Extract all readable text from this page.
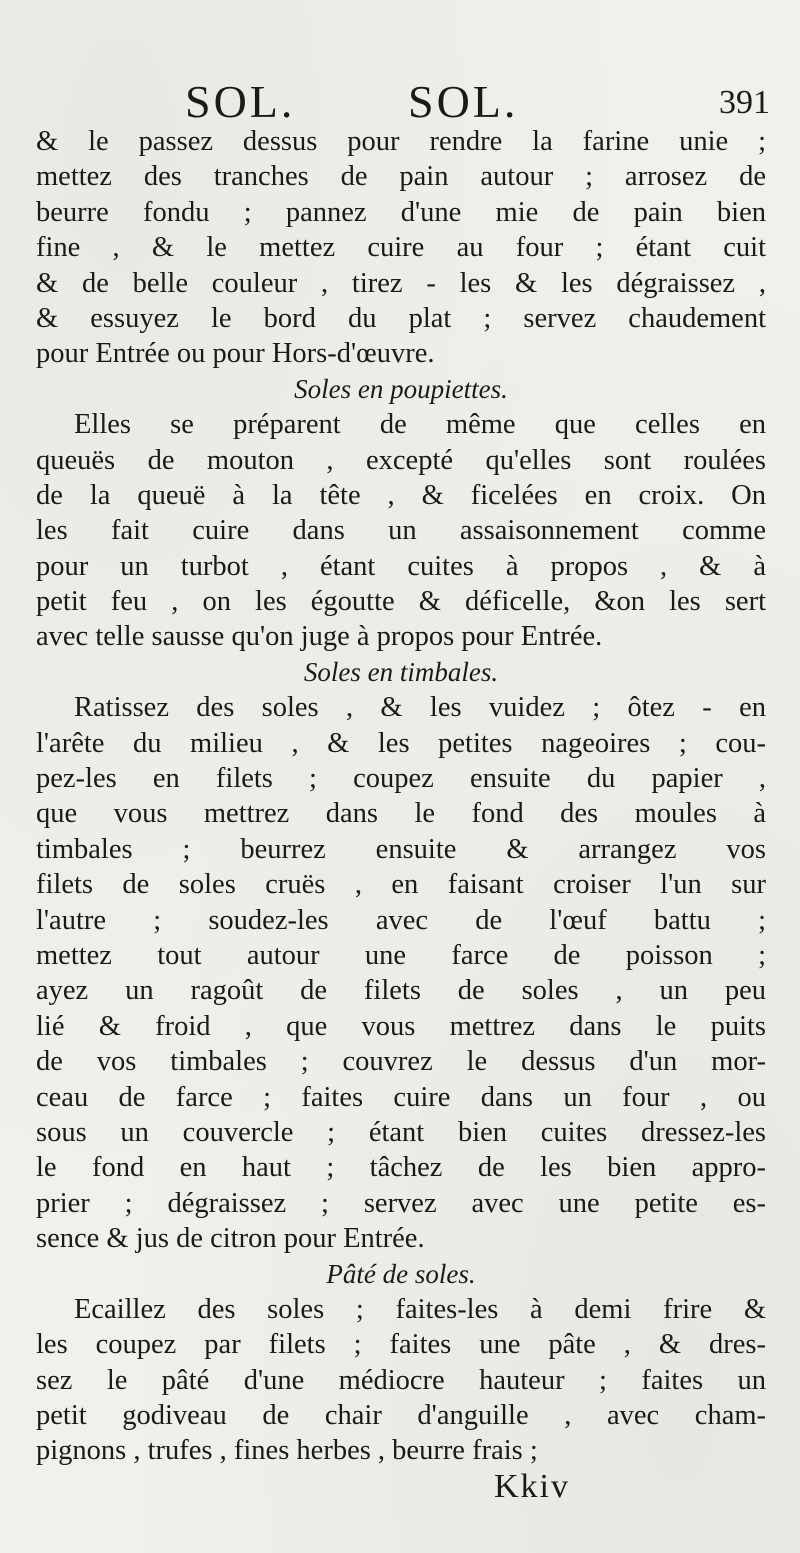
SOL. SOL.	391
& le passez dessus pour rendre la farine unie ;
mettez des tranches de pain autour ; arrosez de
beurre fondu ; pannez d'une mie de pain bien
fine , & le mettez cuire au four ; étant cuit
& de belle couleur , tirez - les & les dégraissez ,
& essuyez le bord du plat ; servez chaudement
pour Entrée ou pour Hors-d'œuvre.
Soles en poupiettes.
Elles se préparent de même que celles en
queuës de mouton , excepté qu'elles sont roulées
de la queuë à la tête , & ficelées en croix. On
les fait cuire dans un assaisonnement comme
pour un turbot , étant cuites à propos , & à
petit feu , on les égoutte & déficelle, &on les sert
avec telle sausse qu'on juge à propos pour Entrée.
Soles en timbales.
Ratissez des soles , & les vuidez ; ôtez - en
l'arête du milieu , & les petites nageoires ; cou-
pez-les en filets ; coupez ensuite du papier ,
que vous mettrez dans le fond des moules à
timbales ; beurrez ensuite & arrangez vos
filets de soles cruës , en faisant croiser l'un sur
l'autre ; soudez-les avec de l'œuf battu ;
mettez tout autour une farce de poisson ;
ayez un ragoût de filets de soles , un peu
lié & froid , que vous mettrez dans le puits
de vos timbales ; couvrez le dessus d'un mor-
ceau de farce ; faites cuire dans un four , ou
sous un couvercle ; étant bien cuites dressez-les
le fond en haut ; tâchez de les bien appro-
prier ; dégraissez ; servez avec une petite es-
sence & jus de citron pour Entrée.
Pâté de soles.
Ecaillez des soles ; faites-les à demi frire &
les coupez par filets ; faites une pâte , & dres-
sez le pâté d'une médiocre hauteur ; faites un
petit godiveau de chair d'anguille , avec cham-
pignons , trufes , fines herbes , beurre frais ;
Kkiv
